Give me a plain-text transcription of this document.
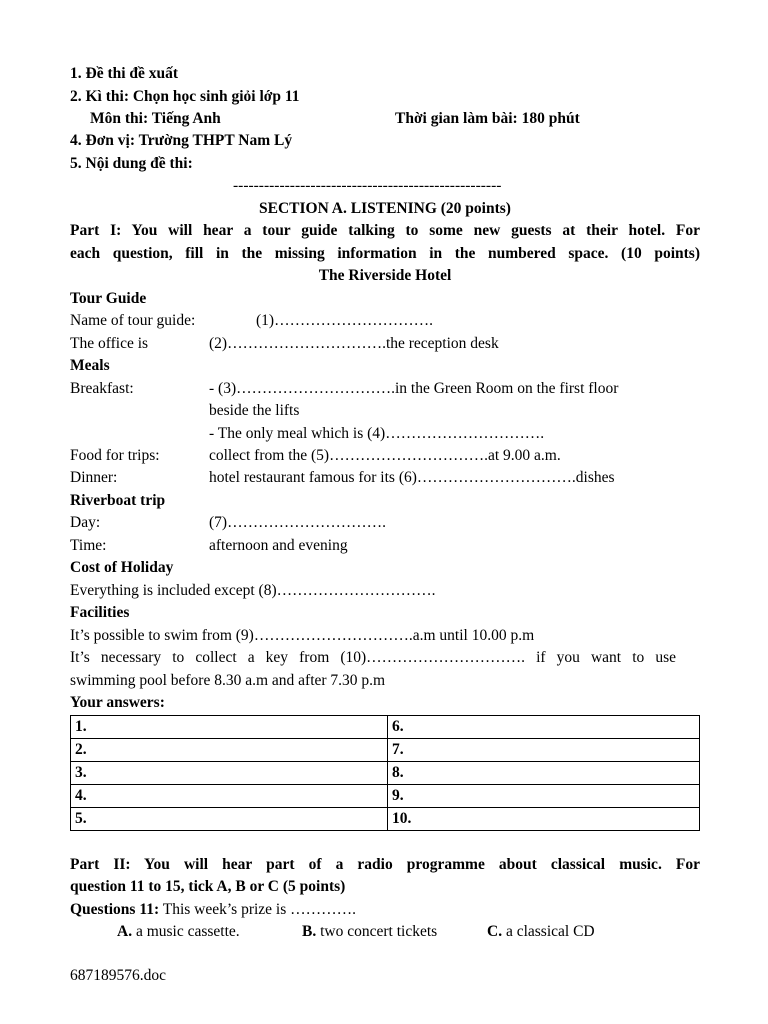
1. Đề thi đề xuất
2. Kì thi: Chọn học sinh giỏi lớp 11
Môn thi: Tiếng Anh	Thời gian làm bài: 180 phút
4. Đơn vị: Trường THPT Nam Lý
5. Nội dung đề thi:
----------------------------------------------------
SECTION A. LISTENING (20 points)
Part I: You will hear a tour guide talking to some new guests at their hotel. For
each question, fill in the missing information in the numbered space. (10 points)
The Riverside Hotel
Tour Guide
Name of tour guide:	(1)………………………….
The office is	(2)………………………….the reception desk
Meals
Breakfast:	- (3)………………………….in the Green Room on the first floor
beside the lifts
- The only meal which is (4)………………………….
Food for trips:	collect from the (5)………………………….at 9.00 a.m.
Dinner:	hotel restaurant famous for its (6)………………………….dishes
Riverboat trip
Day:	(7)………………………….
Time:	afternoon and evening
Cost of Holiday
Everything is included except (8)………………………….
Facilities
It’s possible to swim from (9)………………………….a.m until 10.00 p.m
It’s necessary to collect a key from (10)…………………………. if you want to use
swimming pool before 8.30 a.m and after 7.30 p.m
Your answers:
1.	6.
2.	7.
3.	8.
4.	9.
5.	10.
Part II: You will hear part of a radio programme about classical music. For
question 11 to 15, tick A, B or C (5 points)
Questions 11: This week’s prize is ………….
A. a music cassette.	B. two concert tickets	C. a classical CD
687189576.doc
